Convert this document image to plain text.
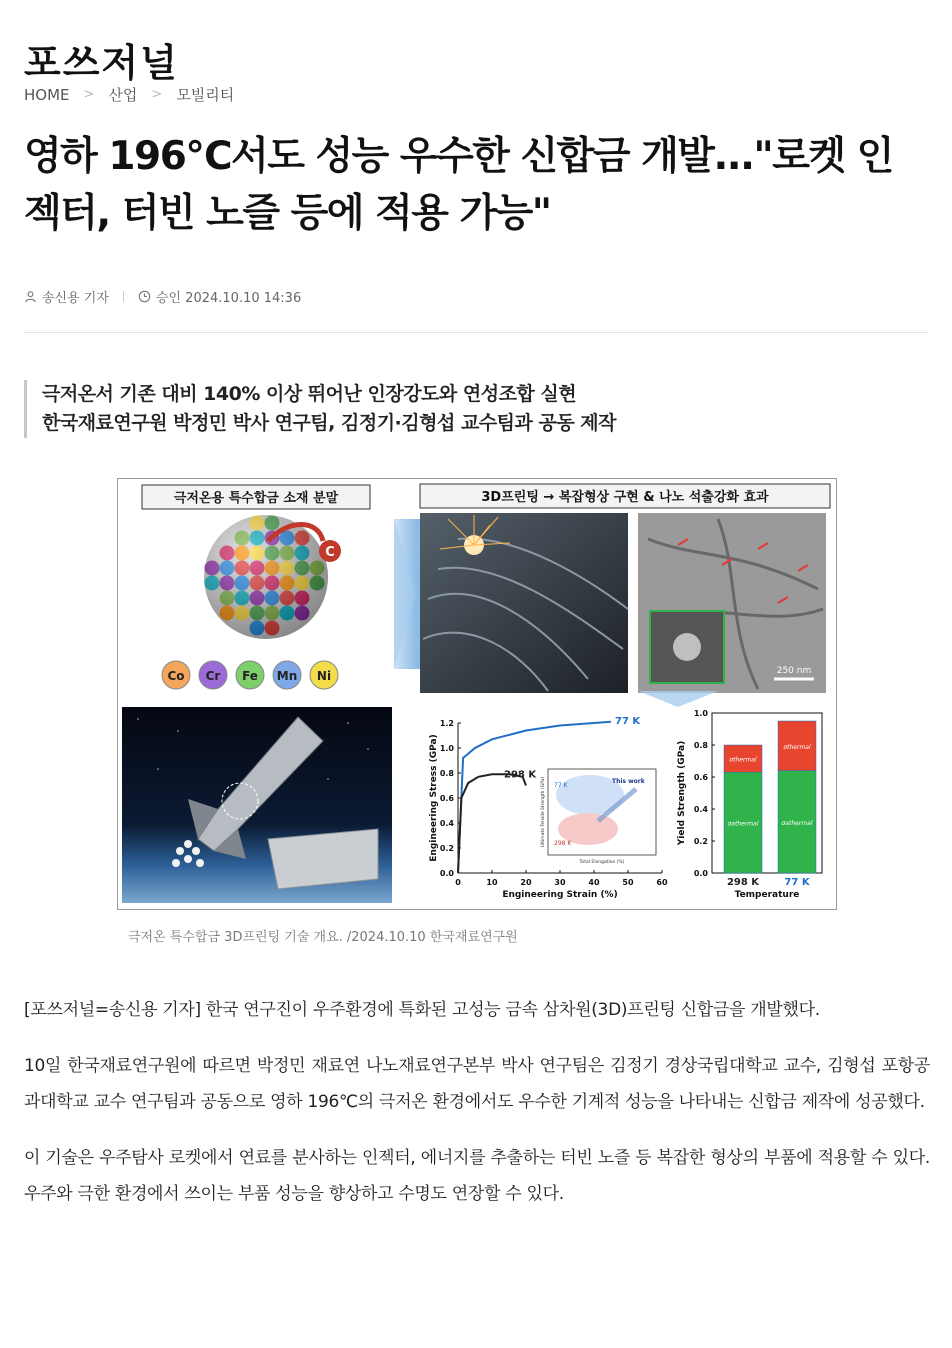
포쓰저널
HOME > 산업 > 모빌리티
영하 196℃서도 성능 우수한 신합금 개발..."로켓 인젝터, 터빈 노즐 등에 적용 가능"
송신용 기자	승인 2024.10.10 14:36
극저온서 기존 대비 140% 이상 뛰어난 인장강도와 연성조합 실현
한국재료연구원 박정민 박사 연구팀, 김정기·김형섭 교수팀과 공동 제작
극저온용 특수합금 소재 분말
C
Co Cr Fe Mn Ni
3D프린팅 → 복잡형상 구현 & 나노 석출강화 효과
250 nm
0	10	20	30	40	50	60
0.0
0.2
0.4
0.6
0.8
1.0
1.2
Engineering Strain (%)
Engineering Stress (GPa)
77 K
298 K
77 K
298 K
This work
Total Elongation (%)
Ultimate Tensile Strength (GPa)
0.0
0.2
0.4
0.6
0.8
1.0
Yield Strength (GPa)	σathermal
σthermal
298 K
σathermal
σthermal
77 K
Temperature
극저온 특수합금 3D프린팅 기술 개요. /2024.10.10 한국재료연구원

[포쓰저널=송신용 기자] 한국 연구진이 우주환경에 특화된 고성능 금속 삼차원(3D)프린팅 신합금을 개발했다.

10일 한국재료연구원에 따르면 박정민 재료연 나노재료연구본부 박사 연구팀은 김정기 경상국립대학교 교수, 김형섭 포항공과대학교 교수 연구팀과 공동으로 영하 196℃의 극저온 환경에서도 우수한 기계적 성능을 나타내는 신합금 제작에 성공했다.

이 기술은 우주탐사 로켓에서 연료를 분사하는 인젝터, 에너지를 추출하는 터빈 노즐 등 복잡한 형상의 부품에 적용할 수 있다. 우주와 극한 환경에서 쓰이는 부품 성능을 향상하고 수명도 연장할 수 있다.
